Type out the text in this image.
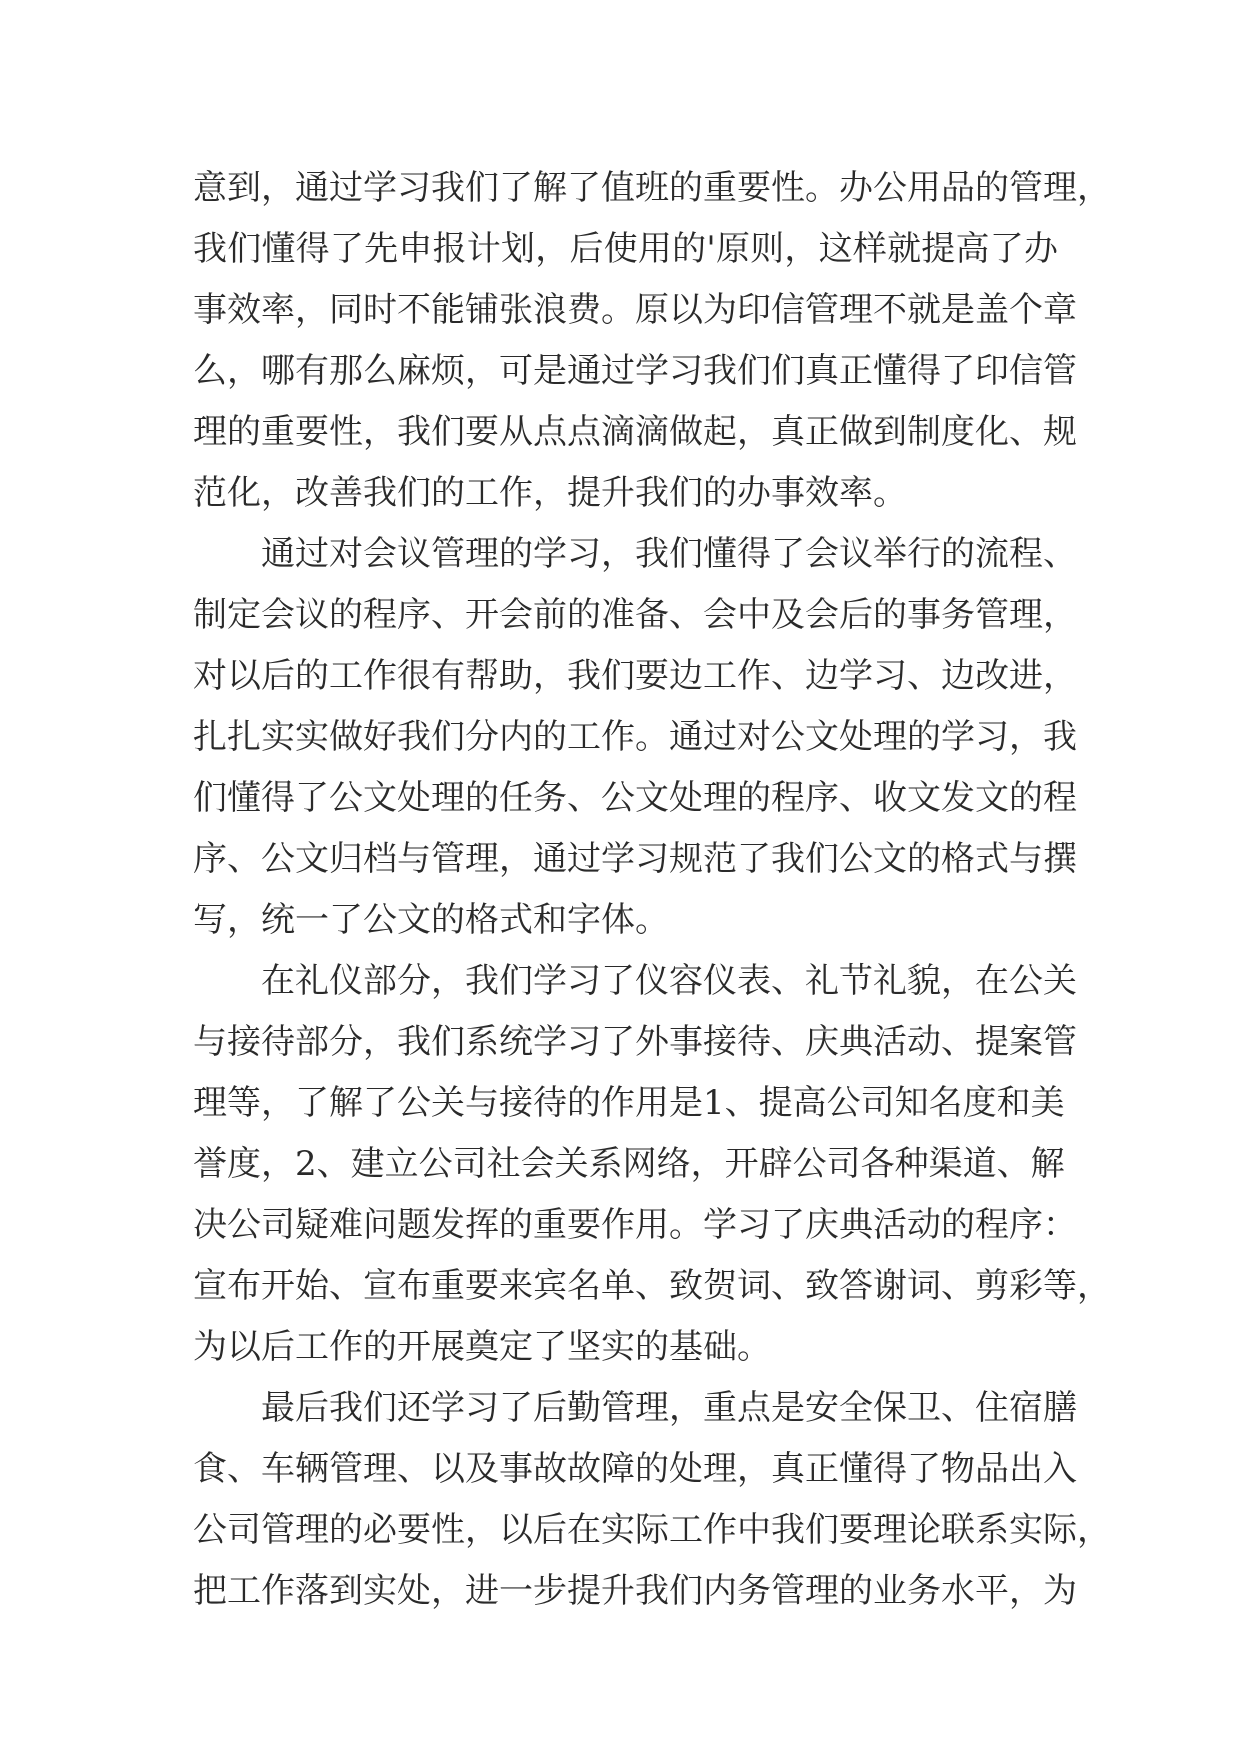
意到，通过学习我们了解了值班的重要性。办公用品的管理，
我们懂得了先申报计划，后使用的'原则，这样就提高了办
事效率，同时不能铺张浪费。原以为印信管理不就是盖个章
么，哪有那么麻烦，可是通过学习我们们真正懂得了印信管
理的重要性，我们要从点点滴滴做起，真正做到制度化、规
范化，改善我们的工作，提升我们的办事效率。
　　通过对会议管理的学习，我们懂得了会议举行的流程、
制定会议的程序、开会前的准备、会中及会后的事务管理，
对以后的工作很有帮助，我们要边工作、边学习、边改进，
扎扎实实做好我们分内的工作。通过对公文处理的学习，我
们懂得了公文处理的任务、公文处理的程序、收文发文的程
序、公文归档与管理，通过学习规范了我们公文的格式与撰
写，统一了公文的格式和字体。
　　在礼仪部分，我们学习了仪容仪表、礼节礼貌，在公关
与接待部分，我们系统学习了外事接待、庆典活动、提案管
理等，了解了公关与接待的作用是1、提高公司知名度和美
誉度，2、建立公司社会关系网络，开辟公司各种渠道、解
决公司疑难问题发挥的重要作用。学习了庆典活动的程序：
宣布开始、宣布重要来宾名单、致贺词、致答谢词、剪彩等，
为以后工作的开展奠定了坚实的基础。
　　最后我们还学习了后勤管理，重点是安全保卫、住宿膳
食、车辆管理、以及事故故障的处理，真正懂得了物品出入
公司管理的必要性，以后在实际工作中我们要理论联系实际，
把工作落到实处，进一步提升我们内务管理的业务水平，为
